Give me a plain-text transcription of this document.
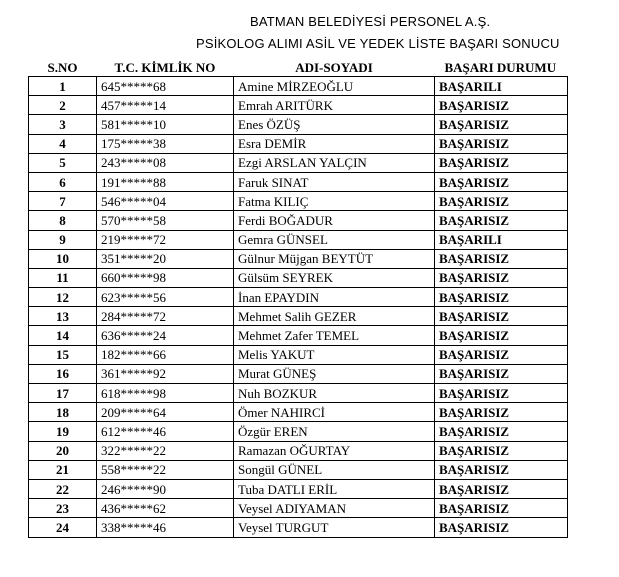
BATMAN BELEDİYESİ PERSONEL A.Ş.
PSİKOLOG ALIMI ASİL VE YEDEK LİSTE BAŞARI SONUCU
S.NO	T.C. KİMLİK NO	ADI-SOYADI	BAŞARI DURUMU
1	645*****68	Amine MİRZEOĞLU	BAŞARILI
2	457*****14	Emrah ARITÜRK	BAŞARISIZ
3	581*****10	Enes ÖZÜŞ	BAŞARISIZ
4	175*****38	Esra DEMİR	BAŞARISIZ
5	243*****08	Ezgi ARSLAN YALÇIN	BAŞARISIZ
6	191*****88	Faruk SINAT	BAŞARISIZ
7	546*****04	Fatma KILIÇ	BAŞARISIZ
8	570*****58	Ferdi BOĞADUR	BAŞARISIZ
9	219*****72	Gemra GÜNSEL	BAŞARILI
10	351*****20	Gülnur Müjgan BEYTÜT	BAŞARISIZ
11	660*****98	Gülsüm SEYREK	BAŞARISIZ
12	623*****56	İnan EPAYDIN	BAŞARISIZ
13	284*****72	Mehmet Salih GEZER	BAŞARISIZ
14	636*****24	Mehmet Zafer TEMEL	BAŞARISIZ
15	182*****66	Melis YAKUT	BAŞARISIZ
16	361*****92	Murat GÜNEŞ	BAŞARISIZ
17	618*****98	Nuh BOZKUR	BAŞARISIZ
18	209*****64	Ömer NAHIRCİ	BAŞARISIZ
19	612*****46	Özgür EREN	BAŞARISIZ
20	322*****22	Ramazan OĞURTAY	BAŞARISIZ
21	558*****22	Songül GÜNEL	BAŞARISIZ
22	246*****90	Tuba DATLI ERİL	BAŞARISIZ
23	436*****62	Veysel ADIYAMAN	BAŞARISIZ
24	338*****46	Veysel TURGUT	BAŞARISIZ
